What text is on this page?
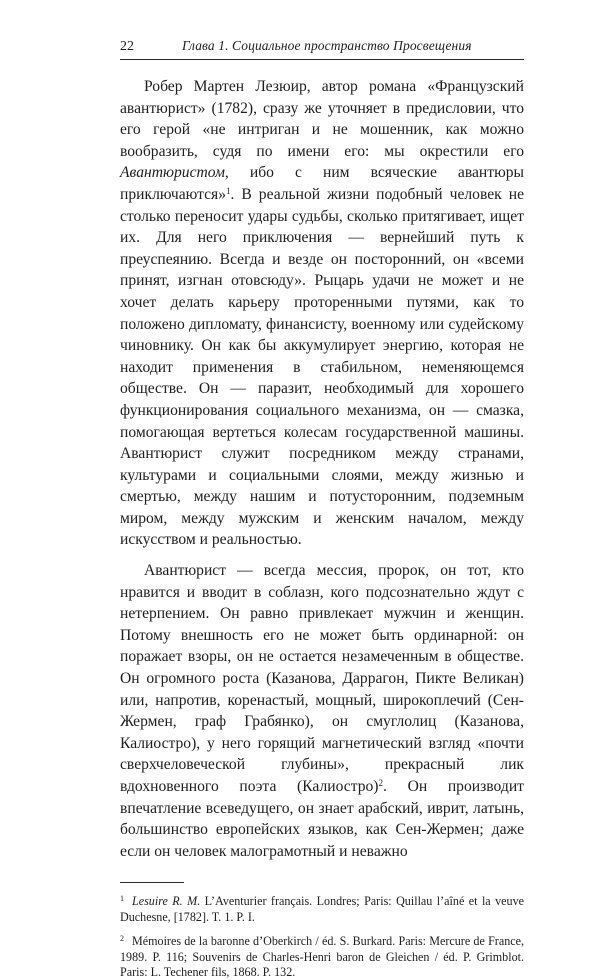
22	Глава 1. Социальное пространство Просвещения

Робер Мартен Лезюир, автор романа «Французский авантюрист» (1782), сразу же уточняет в предисловии, что его герой «не интриган и не мошенник, как можно вообразить, судя по имени его: мы окрестили его Авантюристом, ибо с ним всяческие авантюры приключаются»$^1$. В реальной жизни подобный человек не столько переносит удары судьбы, сколько притягивает, ищет их. Для него приключения — вернейший путь к преуспеянию. Всегда и везде он посторонний, он «всеми принят, изгнан отовсюду». Рыцарь удачи не может и не хочет делать карьеру проторенными путями, как то положено дипломату, финансисту, военному или судейскому чиновнику. Он как бы аккумулирует энергию, которая не находит применения в стабильном, неменяющемся обществе. Он — паразит, необходимый для хорошего функционирования социального механизма, он — смазка, помогающая вертеться колесам государственной машины. Авантюрист служит посредником между странами, культурами и социальными слоями, между жизнью и смертью, между нашим и потусторонним, подземным миром, между мужским и женским началом, между искусством и реальностью.

Авантюрист — всегда мессия, пророк, он тот, кто нравится и вводит в соблазн, кого подсознательно ждут с нетерпением. Он равно привлекает мужчин и женщин. Потому внешность его не может быть ординарной: он поражает взоры, он не остается незамеченным в обществе. Он огромного роста (Казанова, Даррагон, Пикте Великан) или, напротив, коренастый, мощный, широкоплечий (Сен-Жермен, граф Грабянко), он смуглолиц (Казанова, Калиостро), у него горящий магнетический взгляд «почти сверхчеловеческой глубины», прекрасный лик вдохновенного поэта (Калиостро)$^2$. Он производит впечатление всеведущего, он знает арабский, иврит, латынь, большинство европейских языков, как Сен-Жермен; даже если он человек малограмотный и неважно

$^1$ Lesuire R. M. L’Aventurier français. Londres; Paris: Quillau l’aîné et la veuve Duchesne, [1782]. T. 1. P. I.

$^2$ Mémoires de la baronne d’Oberkirch / éd. S. Burkard. Paris: Mercure de France, 1989. P. 116; Souvenirs de Charles-Henri baron de Gleichen / éd. P. Grimblot. Paris: L. Techener fils, 1868. P. 132.
